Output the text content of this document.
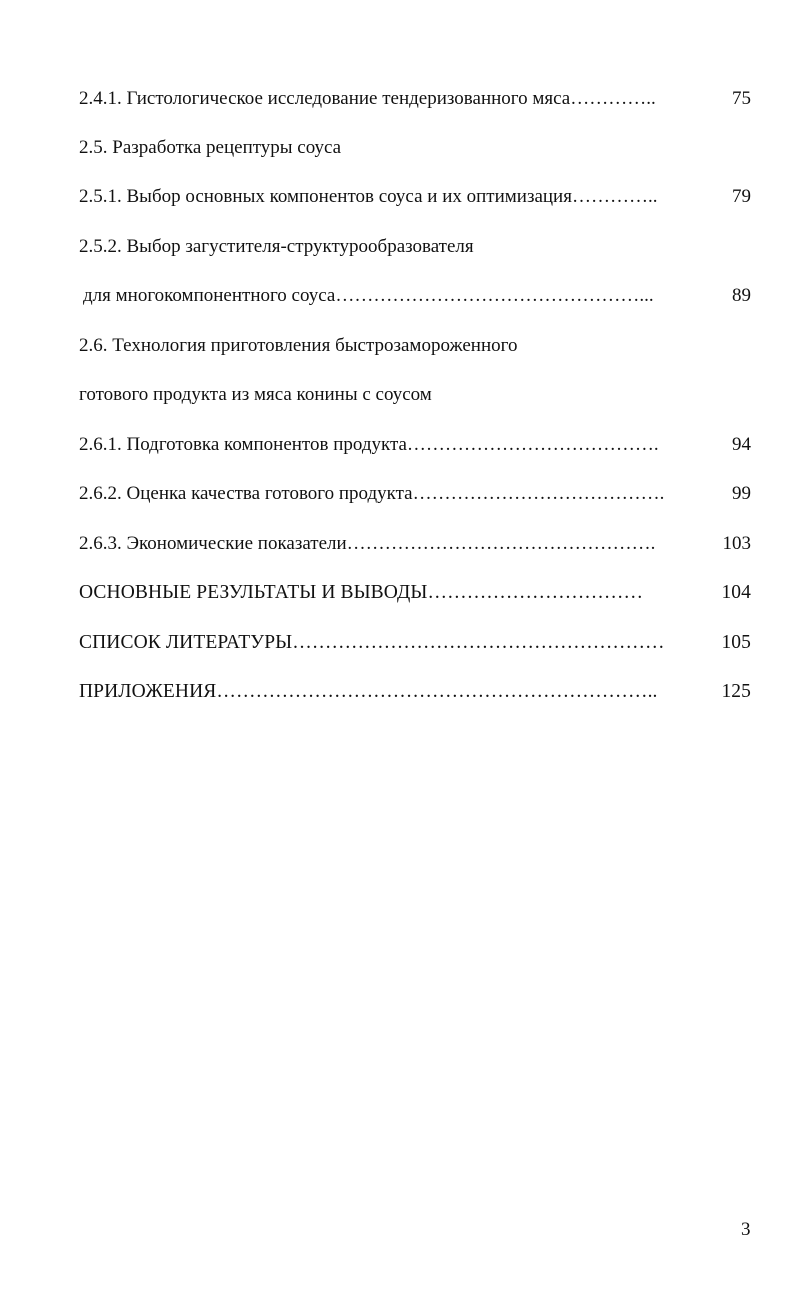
2.4.1. Гистологическое исследование тендеризованного мяса…………..	75
2.5. Разработка рецептуры соуса
2.5.1. Выбор основных компонентов соуса и их оптимизация…………..	79
2.5.2. Выбор загустителя-структурообразователя
для многокомпонентного соуса…………………………………………...	89
2.6. Технология приготовления быстрозамороженного
готового продукта из мяса конины с соусом
2.6.1. Подготовка компонентов продукта………………………………….	94
2.6.2. Оценка качества готового продукта………………………………….	99
2.6.3. Экономические показатели………………………………………….	103
ОСНОВНЫЕ РЕЗУЛЬТАТЫ И ВЫВОДЫ……………………………	104
СПИСОК ЛИТЕРАТУРЫ…………………………………………………	105
ПРИЛОЖЕНИЯ…………………………………………………………..	125
3
